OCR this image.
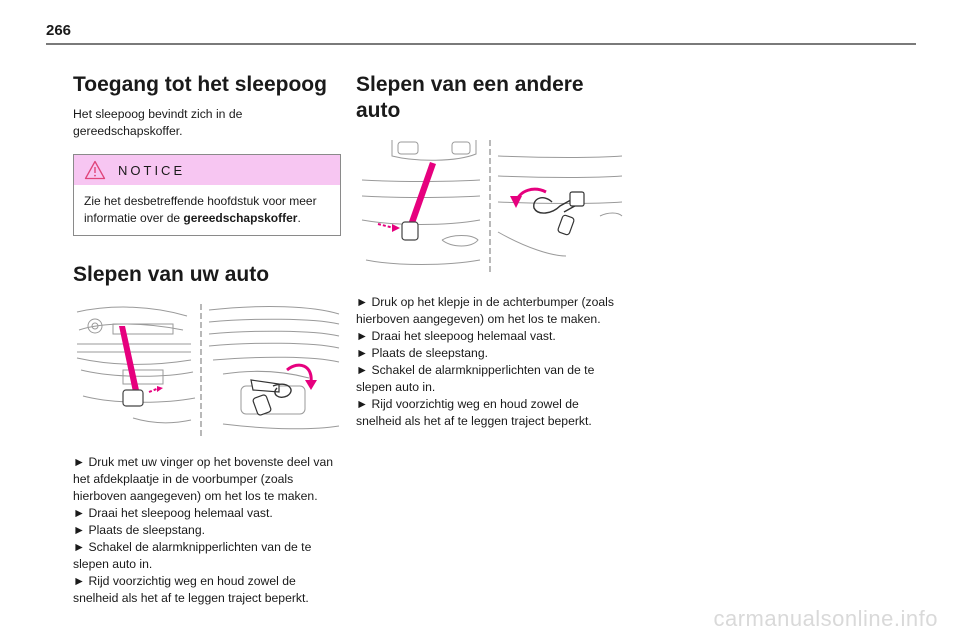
266
Toegang tot het sleepoog

Het sleepoog bevindt zich in de gereedschapskoffer.

NOTICE
Zie het desbetreffende hoofdstuk voor meer informatie over de gereedschapskoffer.
Slepen van uw auto

► Druk met uw vinger op het bovenste deel van het afdekplaatje in de voorbumper (zoals hierboven aangegeven) om het los te maken.

► Draai het sleepoog helemaal vast.

► Plaats de sleepstang.

► Schakel de alarmknipperlichten van de te slepen auto in.

► Rijd voorzichtig weg en houd zowel de snelheid als het af te leggen traject beperkt.

Slepen van een andere auto

► Druk op het klepje in de achterbumper (zoals hierboven aangegeven) om het los te maken.

► Draai het sleepoog helemaal vast.

► Plaats de sleepstang.

► Schakel de alarmknipperlichten van de te slepen auto in.

► Rijd voorzichtig weg en houd zowel de snelheid als het af te leggen traject beperkt.

carmanualsonline.info
